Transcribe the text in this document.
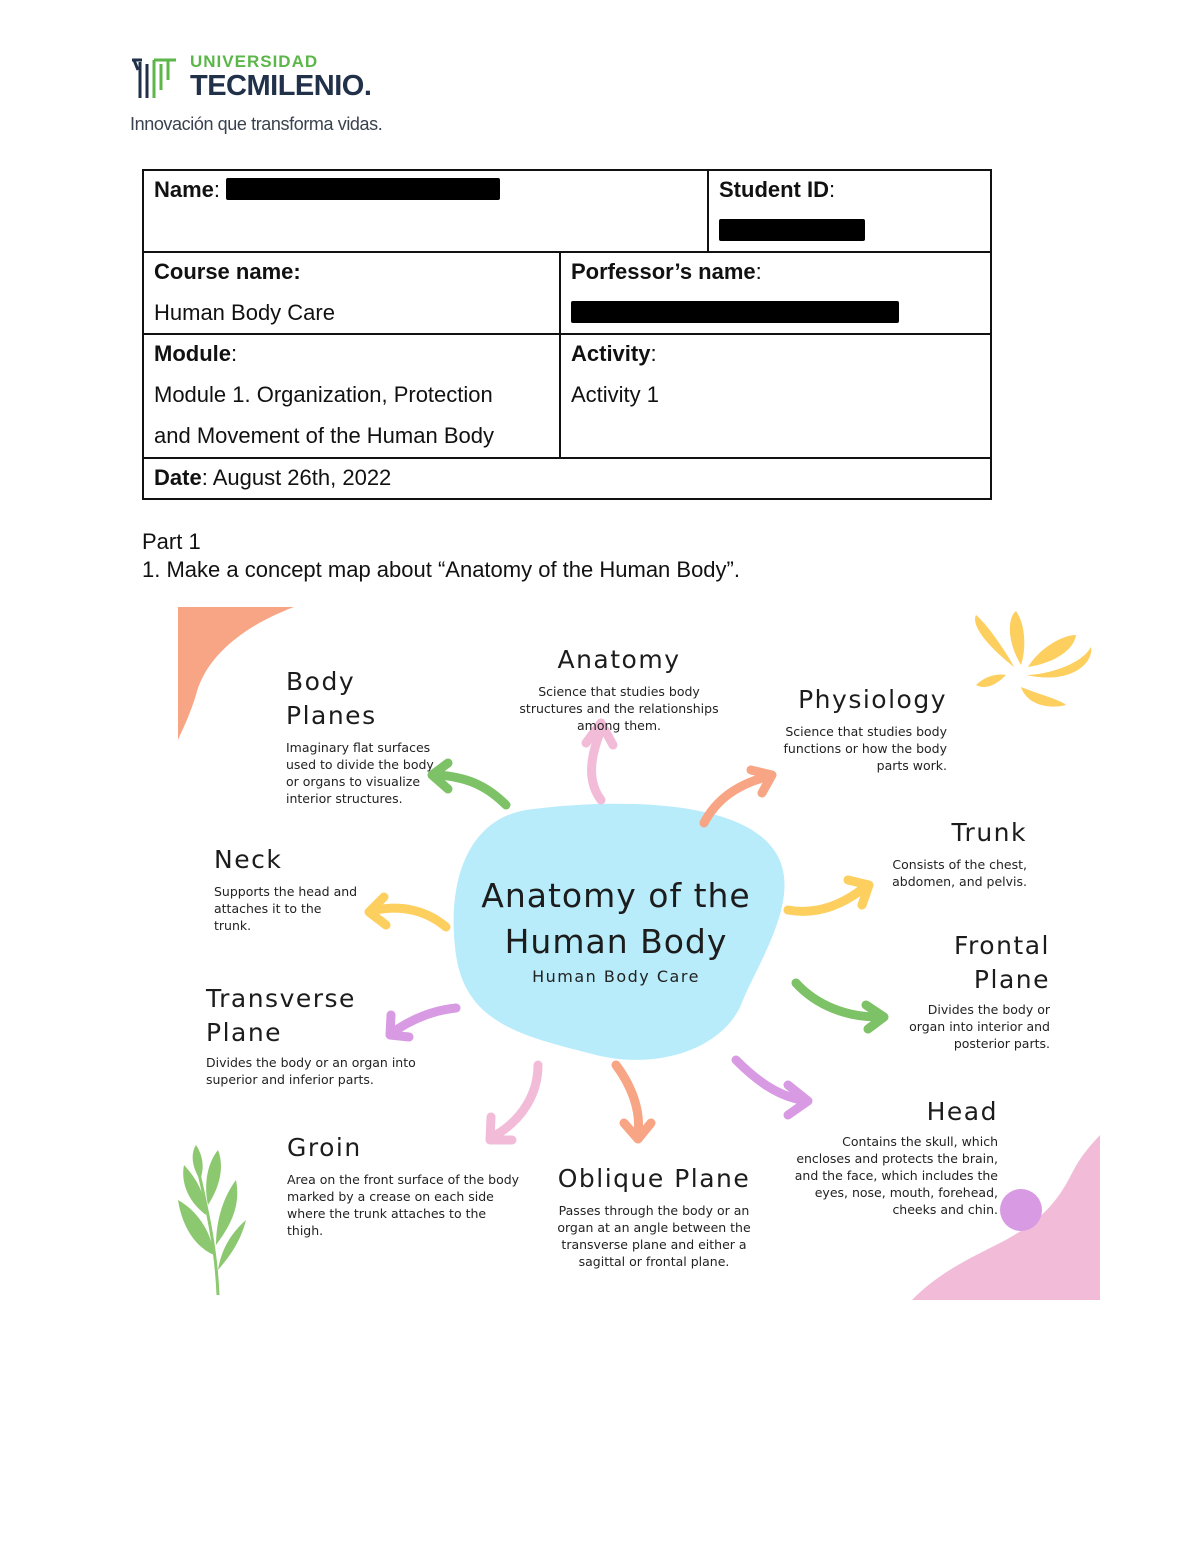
UNIVERSIDAD
TECMILENIO.
Innovación que transforma vidas.
Name:	Student ID:

Course name:
Human Body Care
Porfessor’s name:

Module:
Module 1. Organization, Protection
and Movement of the Human Body
Activity:
Activity 1
Date: August 26th, 2022
Part 1
1. Make a concept map about “Anatomy of the Human Body”.
Anatomy of the
Human Body
Human Body Care
Anatomy
Science that studies body structures and the relationships among them.
Body Planes
Imaginary flat surfaces used to divide the body or organs to visualize interior structures.
Physiology
Science that studies body functions or how the body parts work.
Trunk
Consists of the chest, abdomen, and pelvis.
Neck
Supports the head and attaches it to the trunk.
Frontal
Plane
Divides the body or organ into interior and posterior parts.
Transverse
Plane
Divides the body or an organ into superior and inferior parts.
Head
Contains the skull, which encloses and protects the brain, and the face, which includes the eyes, nose, mouth, forehead, cheeks and chin.
Groin
Area on the front surface of the body marked by a crease on each side where the trunk attaches to the thigh.
Oblique Plane
Passes through the body or an organ at an angle between the transverse plane and either a sagittal or frontal plane.
